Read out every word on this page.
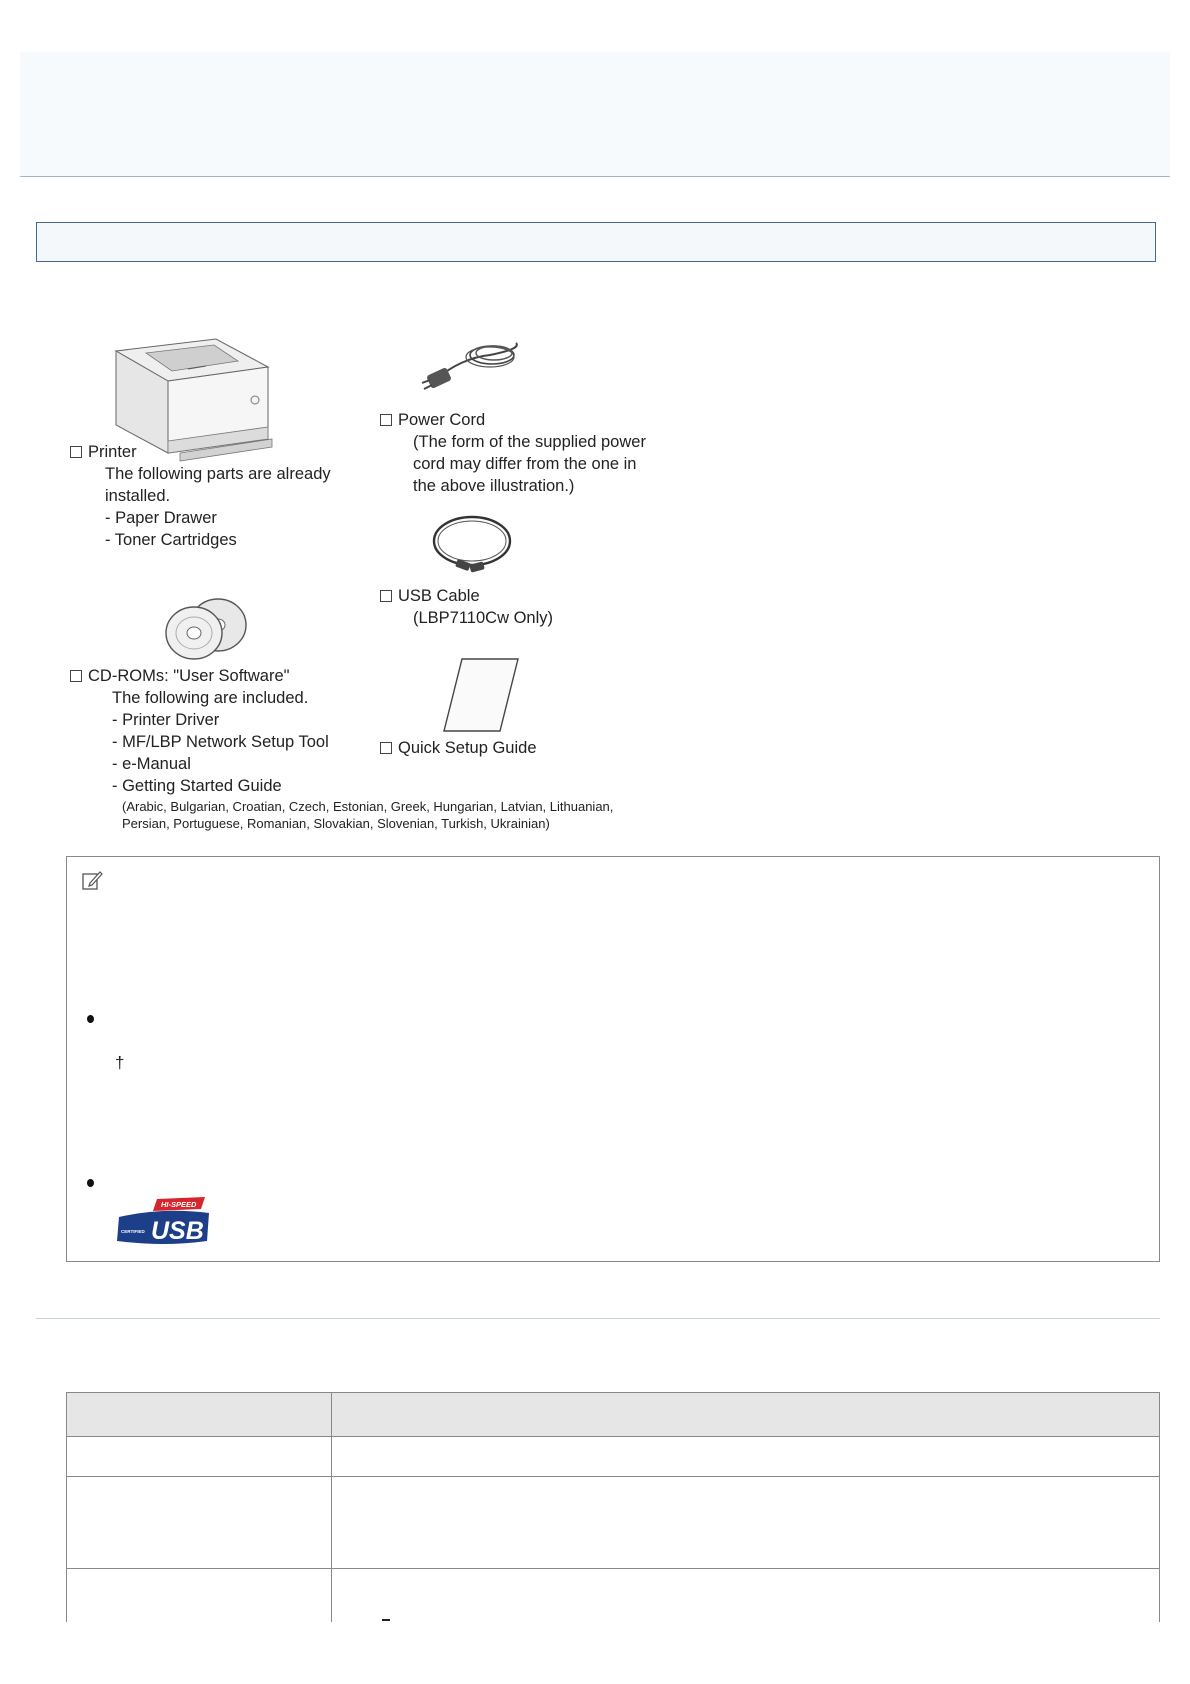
Printer
The following parts are already
installed.
- Paper Drawer
- Toner Cartridges
Power Cord
(The form of the supplied power
cord may differ from the one in
the above illustration.)
USB Cable
(LBP7110Cw Only)
CD-ROMs: "User Software"
The following are included.
- Printer Driver
- MF/LBP Network Setup Tool
- e-Manual
- Getting Started Guide
(Arabic, Bulgarian, Croatian, Czech, Estonian, Greek, Hungarian, Latvian, Lithuanian,
Persian, Portuguese, Romanian, Slovakian, Slovenian, Turkish, Ukrainian)
Quick Setup Guide
†
HI-SPEED
CERTIFIED USB
